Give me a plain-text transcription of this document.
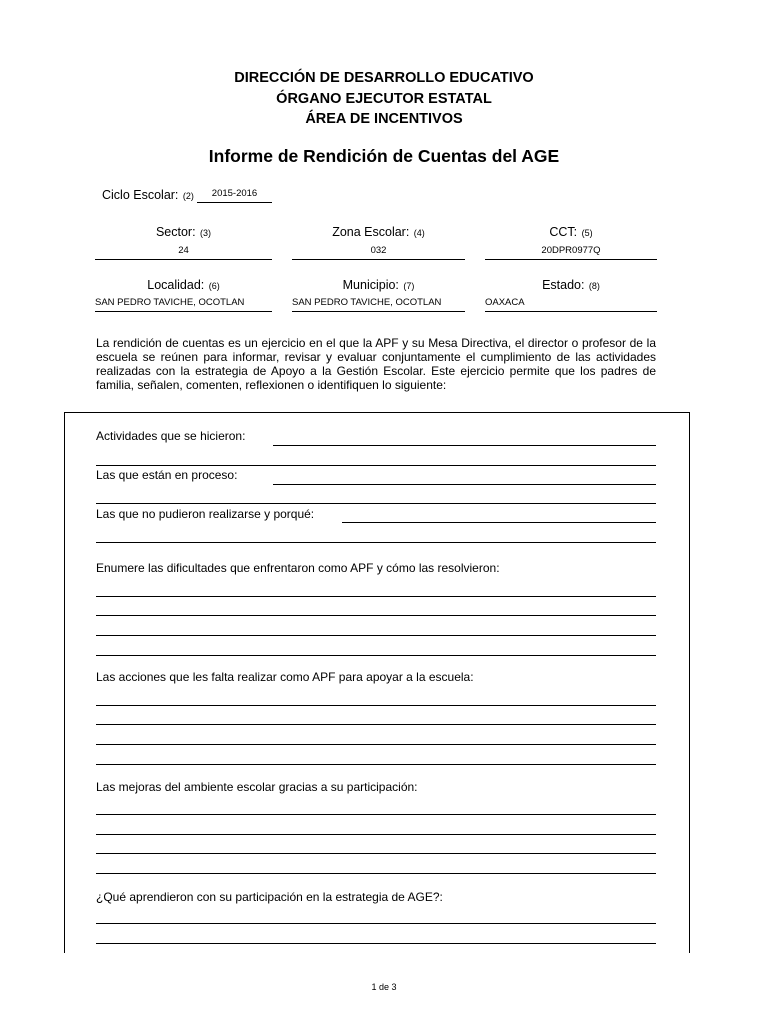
DIRECCIÓN DE DESARROLLO EDUCATIVO
ÓRGANO EJECUTOR ESTATAL
ÁREA DE INCENTIVOS
Informe de Rendición de Cuentas del AGE
Ciclo Escolar: (2)	2015-2016
Sector: (3)	Zona Escolar: (4)	CCT: (5)
24	032	20DPR0977Q
Localidad: (6)	Municipio: (7)	Estado: (8)
SAN PEDRO TAVICHE, OCOTLAN	SAN PEDRO TAVICHE, OCOTLAN	OAXACA
La rendición de cuentas es un ejercicio en el que la APF y su Mesa Directiva, el director o profesor de la escuela se reúnen para informar, revisar y evaluar conjuntamente el cumplimiento de las actividades realizadas con la estrategia de Apoyo a la Gestión Escolar. Este ejercicio permite que los padres de familia, señalen, comenten, reflexionen o identifiquen lo siguiente:
Actividades que se hicieron:
Las que están en proceso:
Las que no pudieron realizarse y porqué:
Enumere las dificultades que enfrentaron como APF y cómo las resolvieron:
Las acciones que les falta realizar como APF para apoyar a la escuela:
Las mejoras del ambiente escolar gracias a su participación:
¿Qué aprendieron con su participación en la estrategia de AGE?:
1 de 3
